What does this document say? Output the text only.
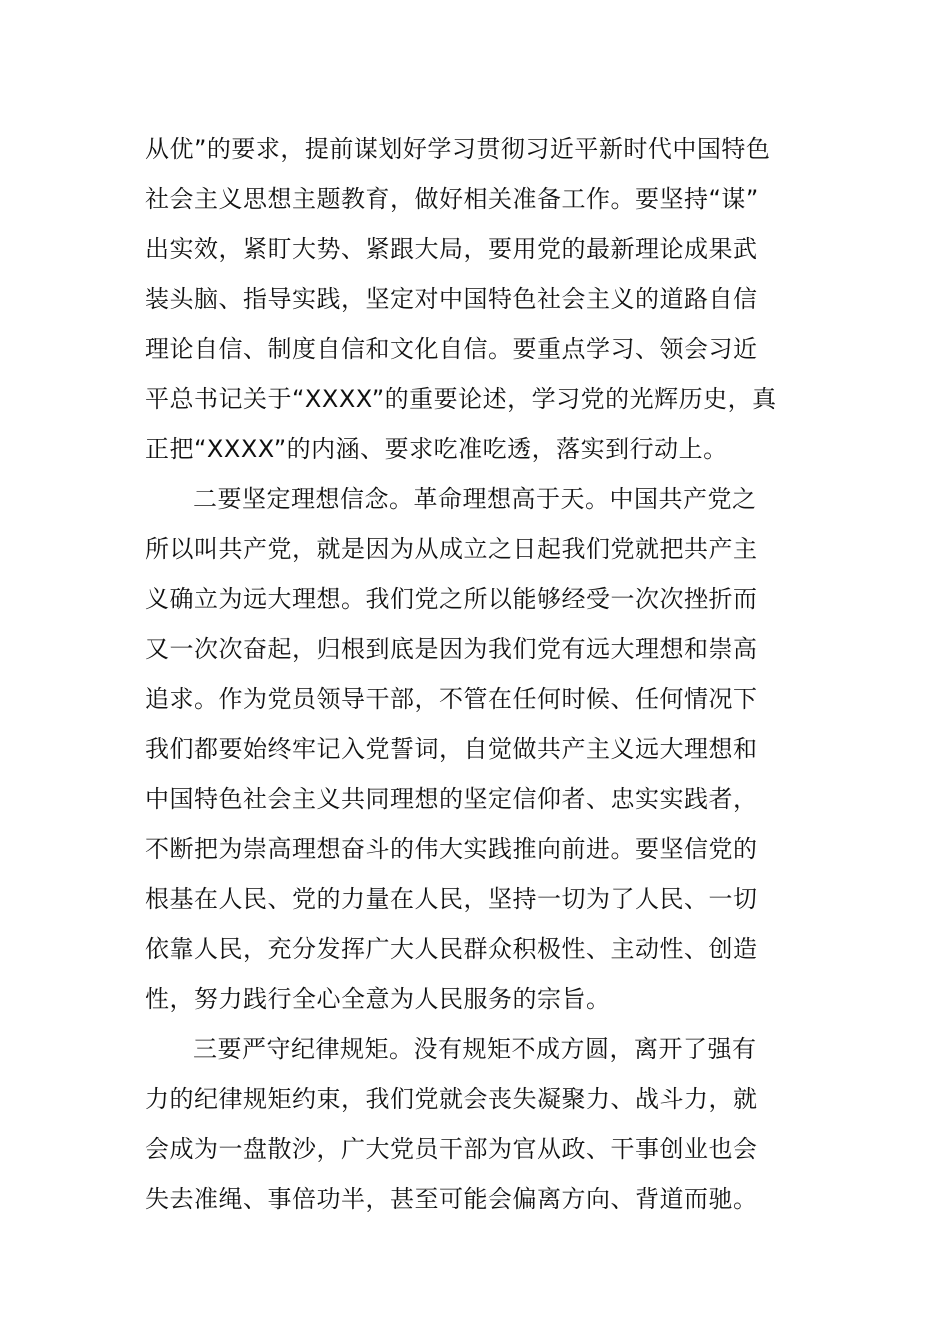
从优”的要求，提前谋划好学习贯彻习近平新时代中国特色
社会主义思想主题教育，做好相关准备工作。要坚持“谋”
出实效，紧盯大势、紧跟大局，要用党的最新理论成果武
装头脑、指导实践，坚定对中国特色社会主义的道路自信
理论自信、制度自信和文化自信。要重点学习、领会习近
平总书记关于“XXXX”的重要论述，学习党的光辉历史，真
正把“XXXX”的内涵、要求吃准吃透，落实到行动上。
二要坚定理想信念。革命理想高于天。中国共产党之
所以叫共产党，就是因为从成立之日起我们党就把共产主
义确立为远大理想。我们党之所以能够经受一次次挫折而
又一次次奋起，归根到底是因为我们党有远大理想和崇高
追求。作为党员领导干部，不管在任何时候、任何情况下
我们都要始终牢记入党誓词，自觉做共产主义远大理想和
中国特色社会主义共同理想的坚定信仰者、忠实实践者，
不断把为崇高理想奋斗的伟大实践推向前进。要坚信党的
根基在人民、党的力量在人民，坚持一切为了人民、一切
依靠人民，充分发挥广大人民群众积极性、主动性、创造
性，努力践行全心全意为人民服务的宗旨。
三要严守纪律规矩。没有规矩不成方圆，离开了强有
力的纪律规矩约束，我们党就会丧失凝聚力、战斗力，就
会成为一盘散沙，广大党员干部为官从政、干事创业也会
失去准绳、事倍功半，甚至可能会偏离方向、背道而驰。
